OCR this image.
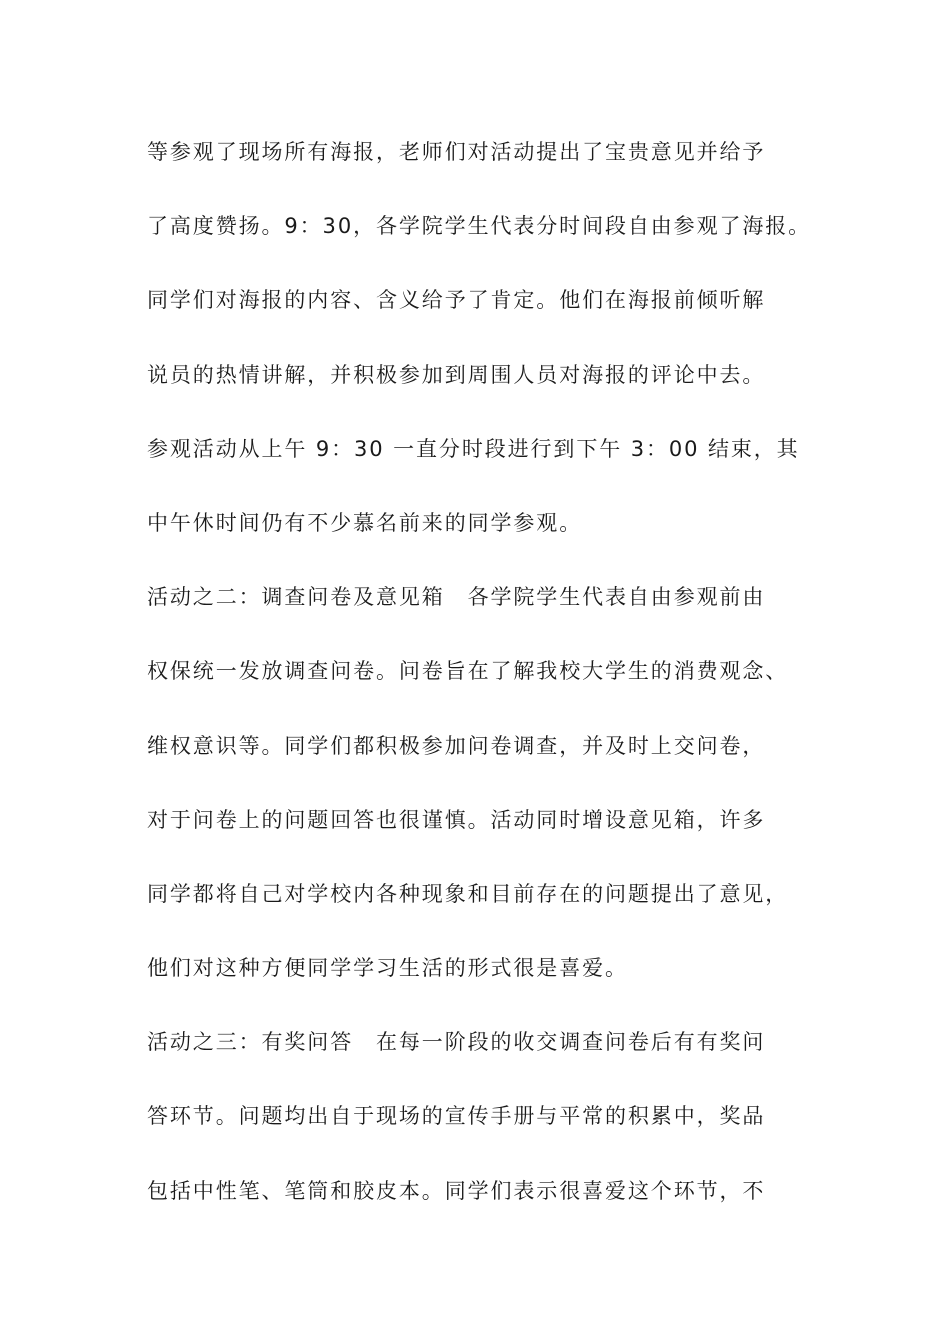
等参观了现场所有海报，老师们对活动提出了宝贵意见并给予
了高度赞扬。9：30，各学院学生代表分时间段自由参观了海报。
同学们对海报的内容、含义给予了肯定。他们在海报前倾听解
说员的热情讲解，并积极参加到周围人员对海报的评论中去。
参观活动从上午 9：30 一直分时段进行到下午 3：00 结束，其
中午休时间仍有不少慕名前来的同学参观。
活动之二：调查问卷及意见箱　各学院学生代表自由参观前由
权保统一发放调查问卷。问卷旨在了解我校大学生的消费观念、
维权意识等。同学们都积极参加问卷调查，并及时上交问卷，
对于问卷上的问题回答也很谨慎。活动同时增设意见箱，许多
同学都将自己对学校内各种现象和目前存在的问题提出了意见，
他们对这种方便同学学习生活的形式很是喜爱。
活动之三：有奖问答　在每一阶段的收交调查问卷后有有奖问
答环节。问题均出自于现场的宣传手册与平常的积累中，奖品
包括中性笔、笔筒和胶皮本。同学们表示很喜爱这个环节，不
